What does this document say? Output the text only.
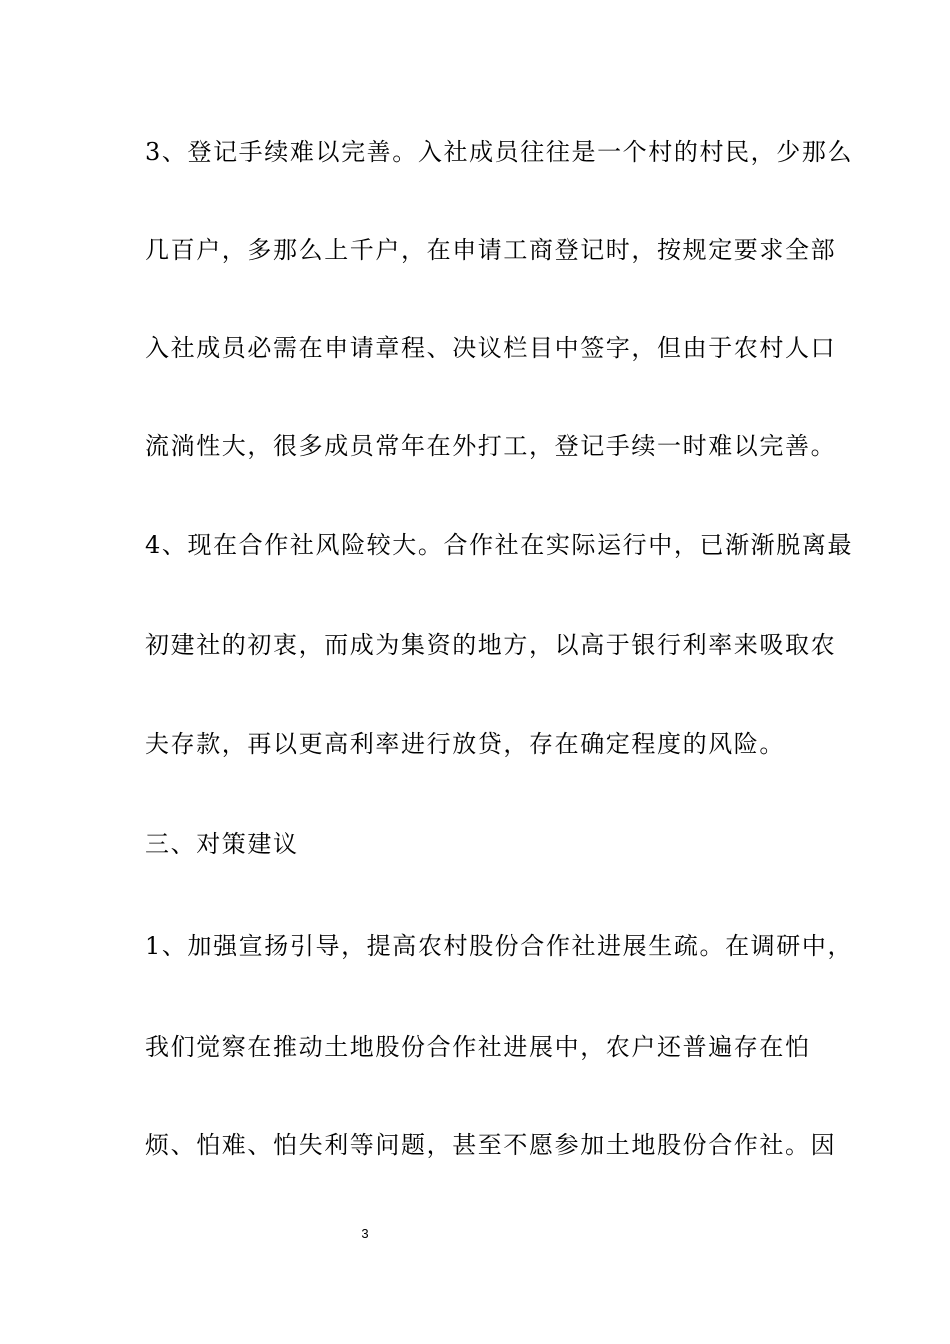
3、登记手续难以完善。入社成员往往是一个村的村民，少那么
几百户，多那么上千户，在申请工商登记时，按规定要求全部
入社成员必需在申请章程、决议栏目中签字，但由于农村人口
流淌性大，很多成员常年在外打工，登记手续一时难以完善。
4、现在合作社风险较大。合作社在实际运行中，已渐渐脱离最
初建社的初衷，而成为集资的地方，以高于银行利率来吸取农
夫存款，再以更高利率进行放贷，存在确定程度的风险。
三、对策建议
1、加强宣扬引导，提高农村股份合作社进展生疏。在调研中，
我们觉察在推动土地股份合作社进展中，农户还普遍存在怕
烦、怕难、怕失利等问题，甚至不愿参加土地股份合作社。因
3
